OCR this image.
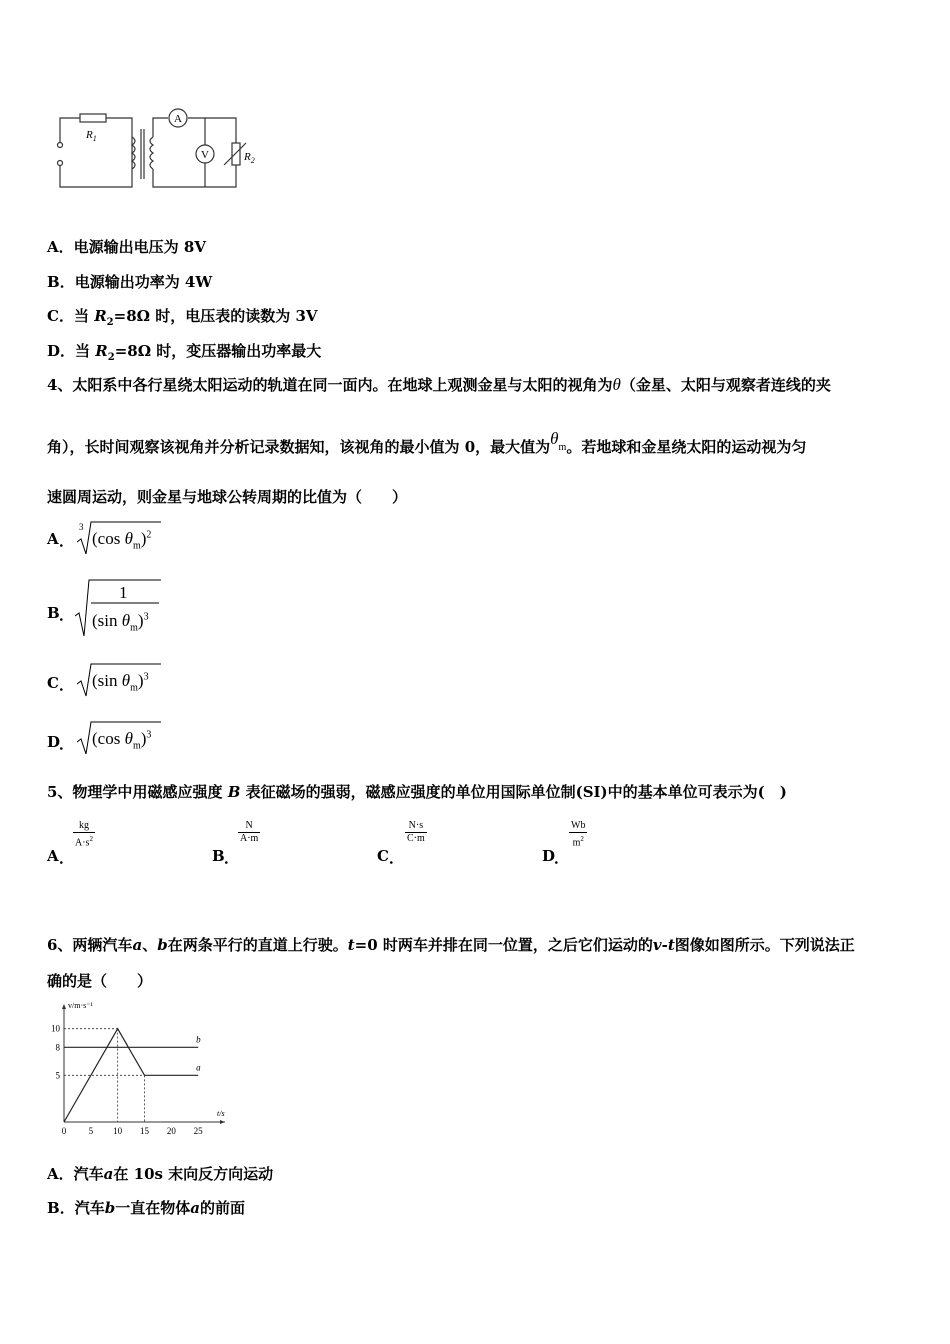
A
V
$R_1$
$R_2$
A．电源输出电压为 8V
B．电源输出功率为 4W
C．当 $R_2=8\Omega$ 时，电压表的读数为 3V
D．当 $R_2=8\Omega$ 时，变压器输出功率最大
4、太阳系中各行星绕太阳运动的轨道在同一面内。在地球上观测金星与太阳的视角为θ（金星、太阳与观察者连线的夹
角），长时间观察该视角并分析记录数据知，该视角的最小值为 0，最大值为$\theta_m$。若地球和金星绕太阳的运动视为匀
速圆周运动，则金星与地球公转周期的比值为（　　）
A ．
3
(cos $\theta_m)^2$
B ．
1
(sin $\theta_m)^3$
C ． (sin $\theta_m)^3$
D
． (cos $\theta_m)^3$
5、物理学中用磁感应强度 B 表征磁场的强弱，磁感应强度的单位用国际单位制(SI)中的基本单位可表示为(　)
A ．
$\frac{kg}{A\cdot s^2}$
B ．
$\frac{N}{A\cdot m}$
C ．
$\frac{N\cdot s}{C\cdot m}$
D
．
$\frac{Wb}{m^2}$
6、两辆汽车a、b在两条平行的直道上行驶。t=0 时两车并排在同一位置，之后它们运动的v-t图像如图所示。下列说法正
确的是（　　）
t/s
v/m·s⁻¹
0 5 10 15 20 25
5
8
10
b
a
A．汽车a在 10s 末向反方向运动
B．汽车b一直在物体a的前面
